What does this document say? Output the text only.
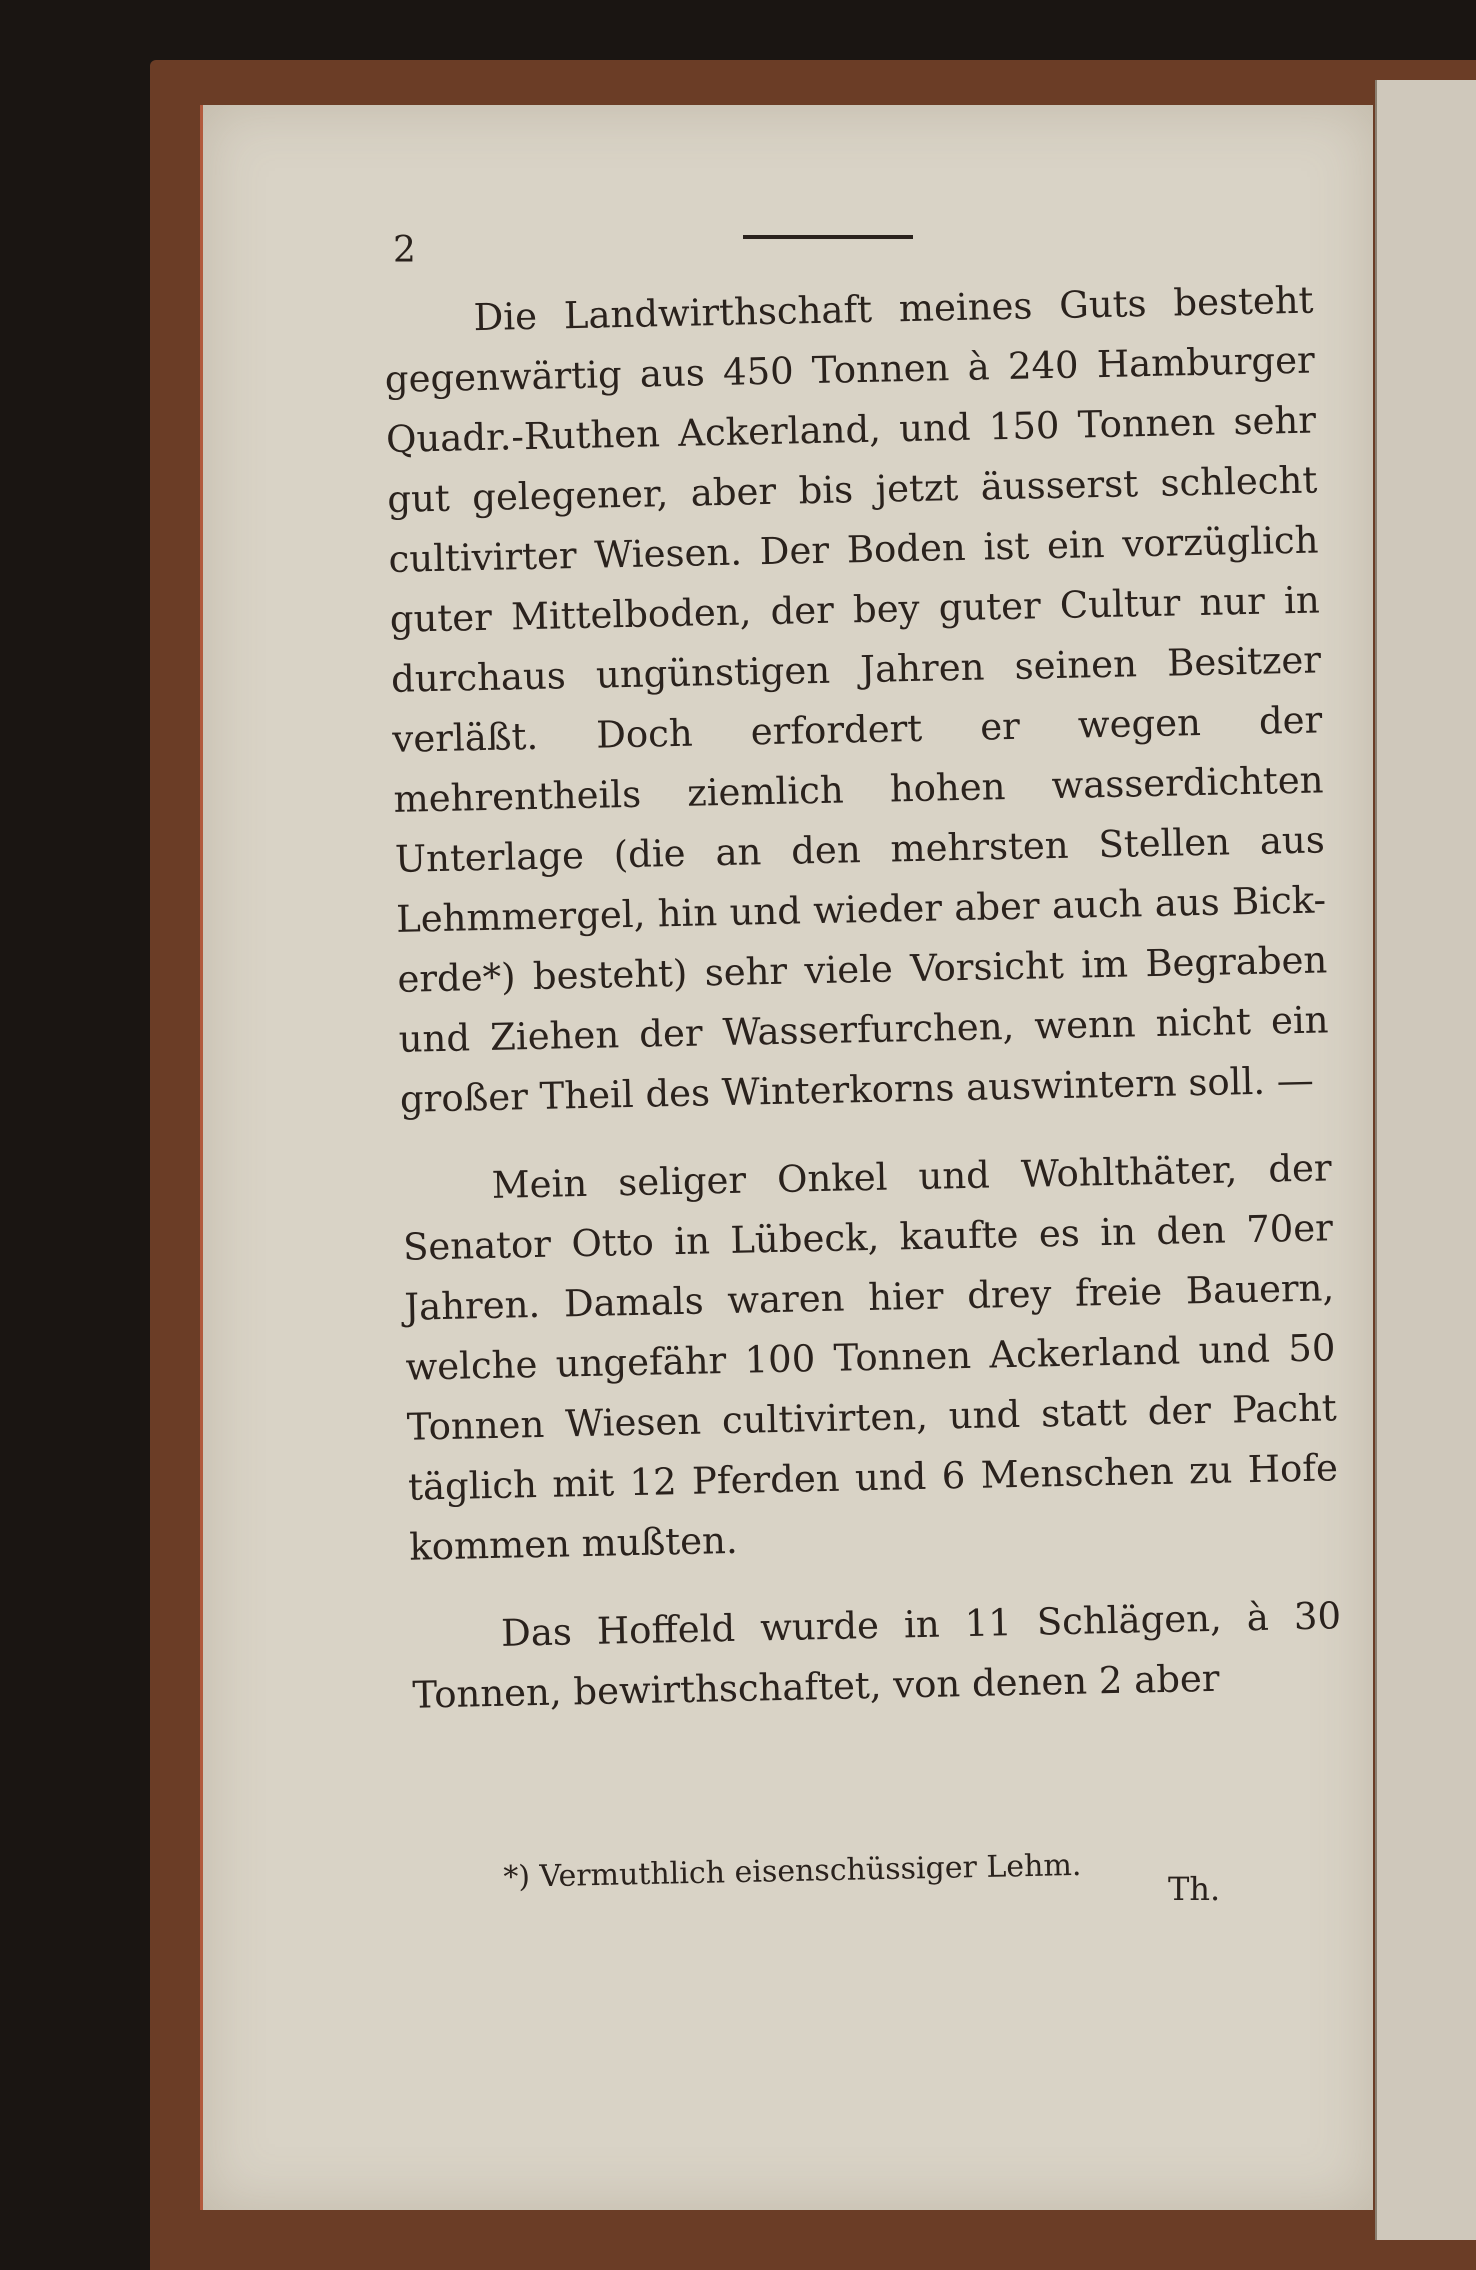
2

Die Landwirthschaft meines Guts besteht gegenwärtig aus 450 Tonnen à 240 Hamburger Quadr.-Ruthen Ackerland, und 150 Tonnen sehr gut gelegener, aber bis jetzt äusserst schlecht cultivirter Wiesen. Der Boden ist ein vorzüglich guter Mittelboden, der bey guter Cultur nur in durchaus ungünstigen Jahren seinen Besitzer verläßt. Doch erfordert er wegen der mehrentheils ziemlich hohen wasserdichten Unterlage (die an den mehrsten Stellen aus Lehmmergel, hin und wieder aber auch aus Bick-erde*) besteht) sehr viele Vorsicht im Begraben und Ziehen der Wasserfurchen, wenn nicht ein großer Theil des Winterkorns auswintern soll. —

Mein seliger Onkel und Wohlthäter, der Senator Otto in Lübeck, kaufte es in den 70er Jahren. Damals waren hier drey freie Bauern, welche ungefähr 100 Tonnen Ackerland und 50 Tonnen Wiesen cultivirten, und statt der Pacht täglich mit 12 Pferden und 6 Menschen zu Hofe kommen mußten.

Das Hoffeld wurde in 11 Schlägen, à 30 Tonnen, bewirthschaftet, von denen 2 aber

*) Vermuthlich eisenschüssiger Lehm.	Th.
